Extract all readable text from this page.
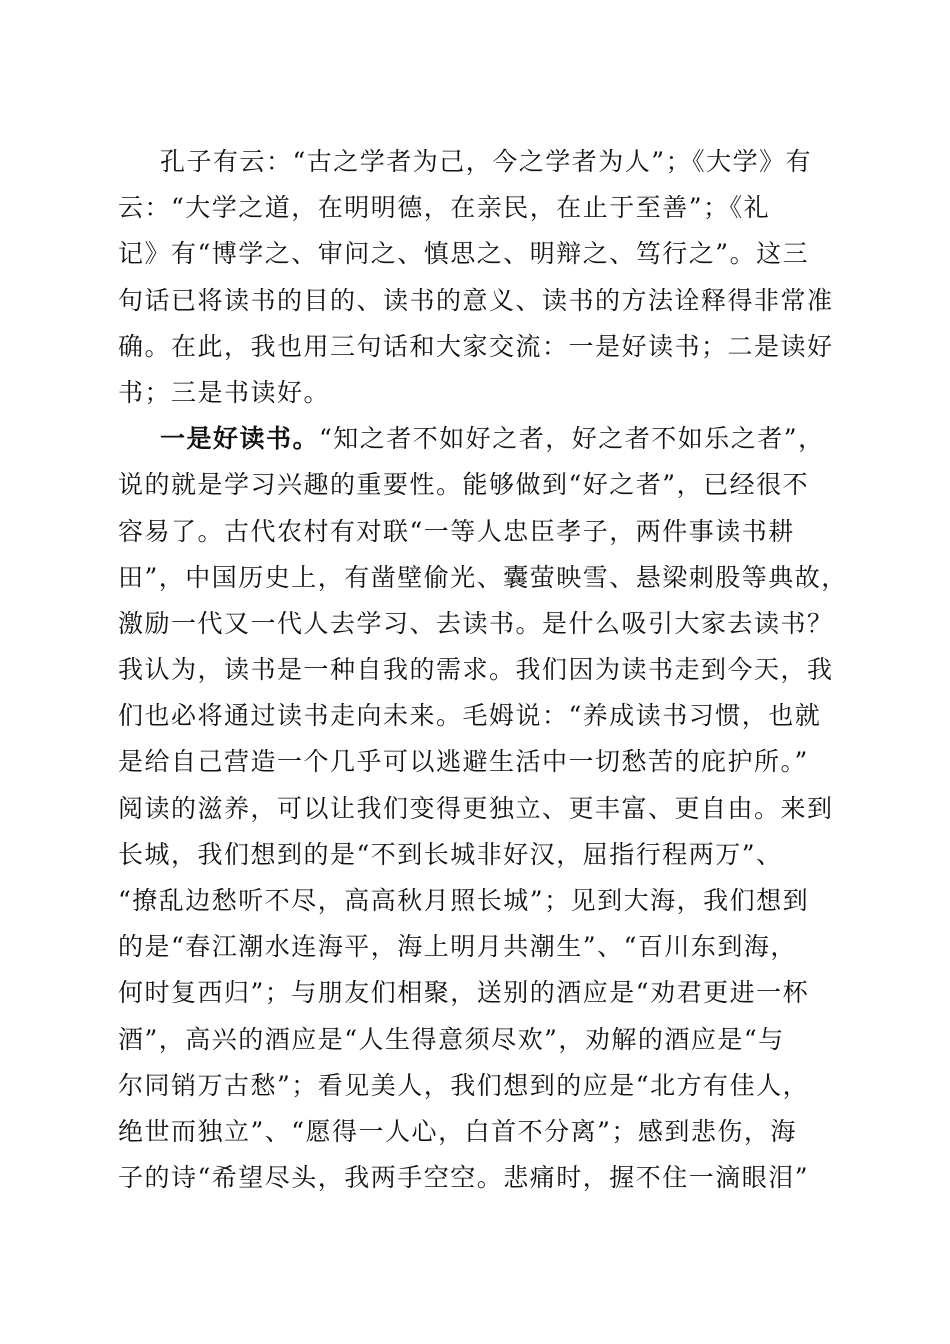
孔子有云：“古之学者为己，今之学者为人”；《大学》有
云：“大学之道，在明明德，在亲民，在止于至善”；《礼
记》有“博学之、审问之、慎思之、明辩之、笃行之”。这三
句话已将读书的目的、读书的意义、读书的方法诠释得非常准
确。在此，我也用三句话和大家交流：一是好读书；二是读好
书；三是书读好。
一是好读书。“知之者不如好之者，好之者不如乐之者”，
说的就是学习兴趣的重要性。能够做到“好之者”，已经很不
容易了。古代农村有对联“一等人忠臣孝子，两件事读书耕
田”，中国历史上，有凿壁偷光、囊萤映雪、悬梁刺股等典故，
激励一代又一代人去学习、去读书。是什么吸引大家去读书？
我认为，读书是一种自我的需求。我们因为读书走到今天，我
们也必将通过读书走向未来。毛姆说：“养成读书习惯，也就
是给自己营造一个几乎可以逃避生活中一切愁苦的庇护所。”
阅读的滋养，可以让我们变得更独立、更丰富、更自由。来到
长城，我们想到的是“不到长城非好汉，屈指行程两万”、
“撩乱边愁听不尽，高高秋月照长城”；见到大海，我们想到
的是“春江潮水连海平，海上明月共潮生”、“百川东到海，
何时复西归”；与朋友们相聚，送别的酒应是“劝君更进一杯
酒”，高兴的酒应是“人生得意须尽欢”，劝解的酒应是“与
尔同销万古愁”；看见美人，我们想到的应是“北方有佳人，
绝世而独立”、“愿得一人心，白首不分离”；感到悲伤，海
子的诗“希望尽头，我两手空空。悲痛时，握不住一滴眼泪”
